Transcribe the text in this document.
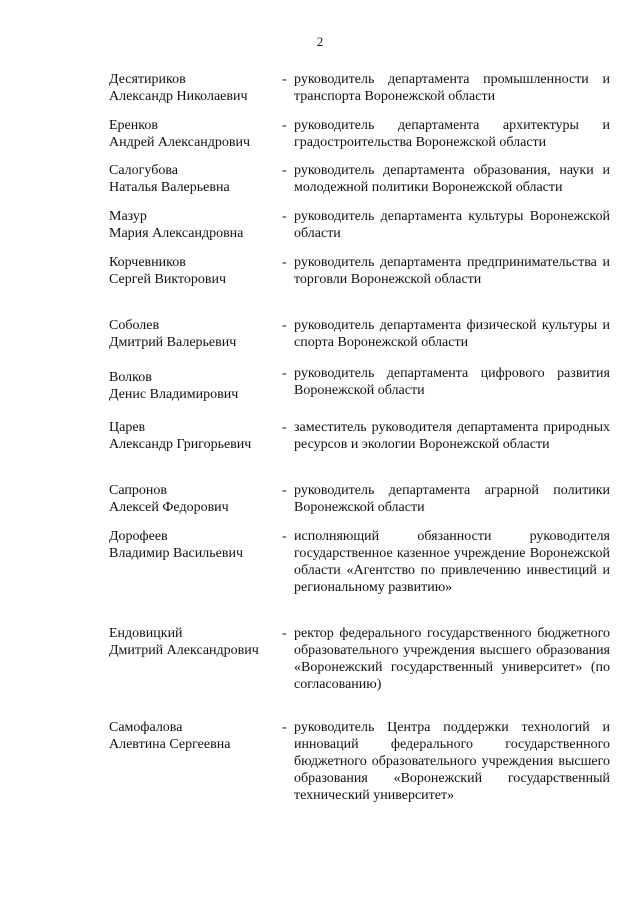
2
Десятириков
Александр Николаевич
- руководитель департамента промышленности и транспорта Воронежской области
Еренков
Андрей Александрович
- руководитель департамента архитектуры и градостроительства Воронежской области
Салогубова
Наталья Валерьевна
- руководитель департамента образования, науки и молодежной политики Воронежской области
Мазур
Мария Александровна
- руководитель департамента культуры Воронежской области
Корчевников
Сергей Викторович
- руководитель департамента предпринимательства и торговли Воронежской области
Соболев
Дмитрий Валерьевич
- руководитель департамента физической культуры и спорта Воронежской области
Волков
Денис Владимирович
- руководитель департамента цифрового развития Воронежской области
Царев
Александр Григорьевич
- заместитель руководителя департамента природных ресурсов и экологии Воронежской области
Сапронов
Алексей Федорович
- руководитель департамента аграрной политики Воронежской области
Дорофеев
Владимир Васильевич
- исполняющий обязанности руководителя государственное казенное учреждение Воронежской области «Агентство по привлечению инвестиций и региональному развитию»
Ендовицкий
Дмитрий Александрович
- ректор федерального государственного бюджетного образовательного учреждения высшего образования «Воронежский государственный университет» (по согласованию)
Самофалова
Алевтина Сергеевна
- руководитель Центра поддержки технологий и инноваций федерального государственного бюджетного образовательного учреждения высшего образования «Воронежский государственный технический университет»
